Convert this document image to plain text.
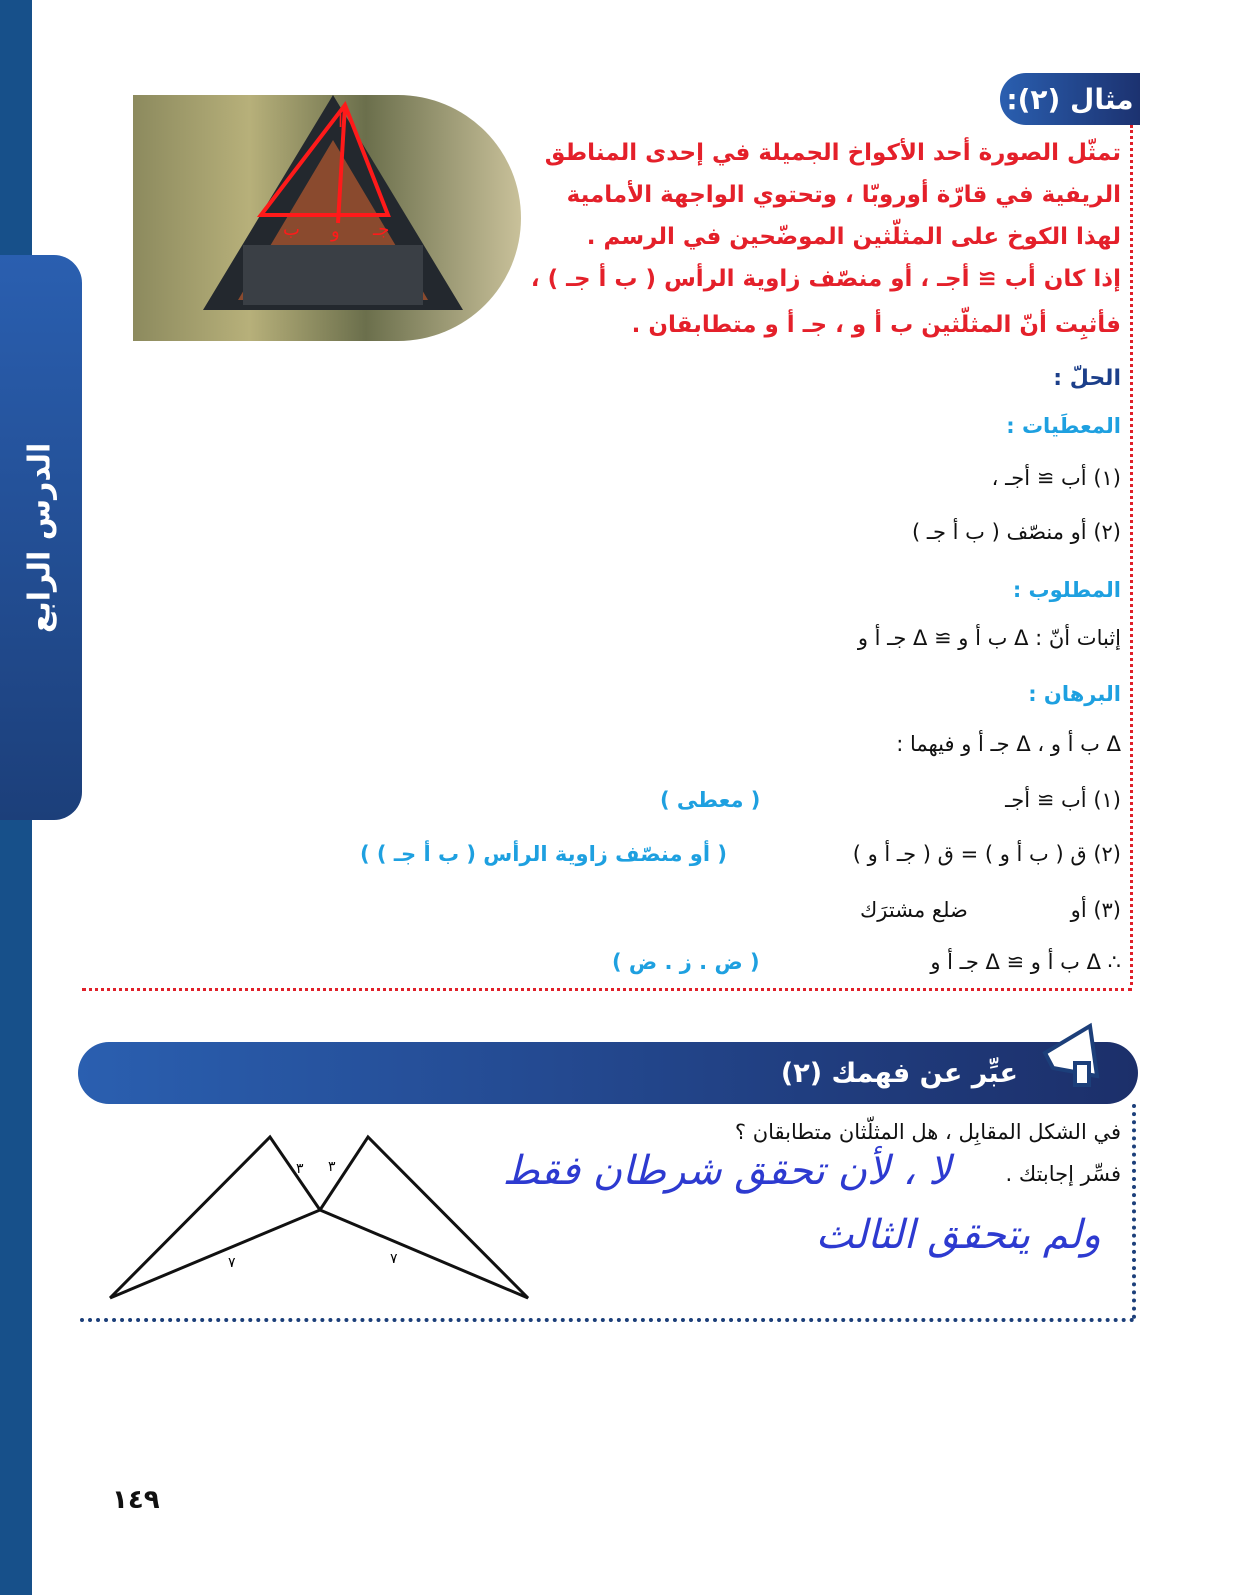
الدرس الرابع
مثال (٢):
أ
ب و جـ
تمثّل الصورة أحد الأكواخ الجميلة في إحدى المناطق
الريفية في قارّة أوروبّا ، وتحتوي الواجهة الأمامية
لهذا الكوخ على المثلّثين الموضّحين في الرسم .
إذا كان أب ≅ أجـ ، أو منصّف زاوية الرأس ( ب أ جـ ) ،
فأثبِت أنّ المثلّثين ب أ و ، جـ أ و متطابقان .
الحلّ :
المعطَيات :
(١) أب ≅ أجـ ،
(٢) أو منصّف ( ب أ جـ )
المطلوب :
إثبات أنّ : Δ ب أ و ≅ Δ جـ أ و
البرهان :
Δ ب أ و ، Δ جـ أ و فيهما :
(١) أب ≅ أجـ
( معطى )
(٢) ق ( ب أ و ) = ق ( جـ أ و )
( أو منصّف زاوية الرأس ( ب أ جـ ) )
(٣) أو
ضلع مشترَك
∴ Δ ب أ و ≅ Δ جـ أ و
( ض . ز . ض )
عبِّر عن فهمك (٢)
في الشكل المقابِل ، هل المثلّثان متطابقان ؟
فسِّر إجابتك .
لا ، لأن تحقق شرطان فقط
ولم يتحقق الثالث
٣ ٣
٧	٧
١٤٩
